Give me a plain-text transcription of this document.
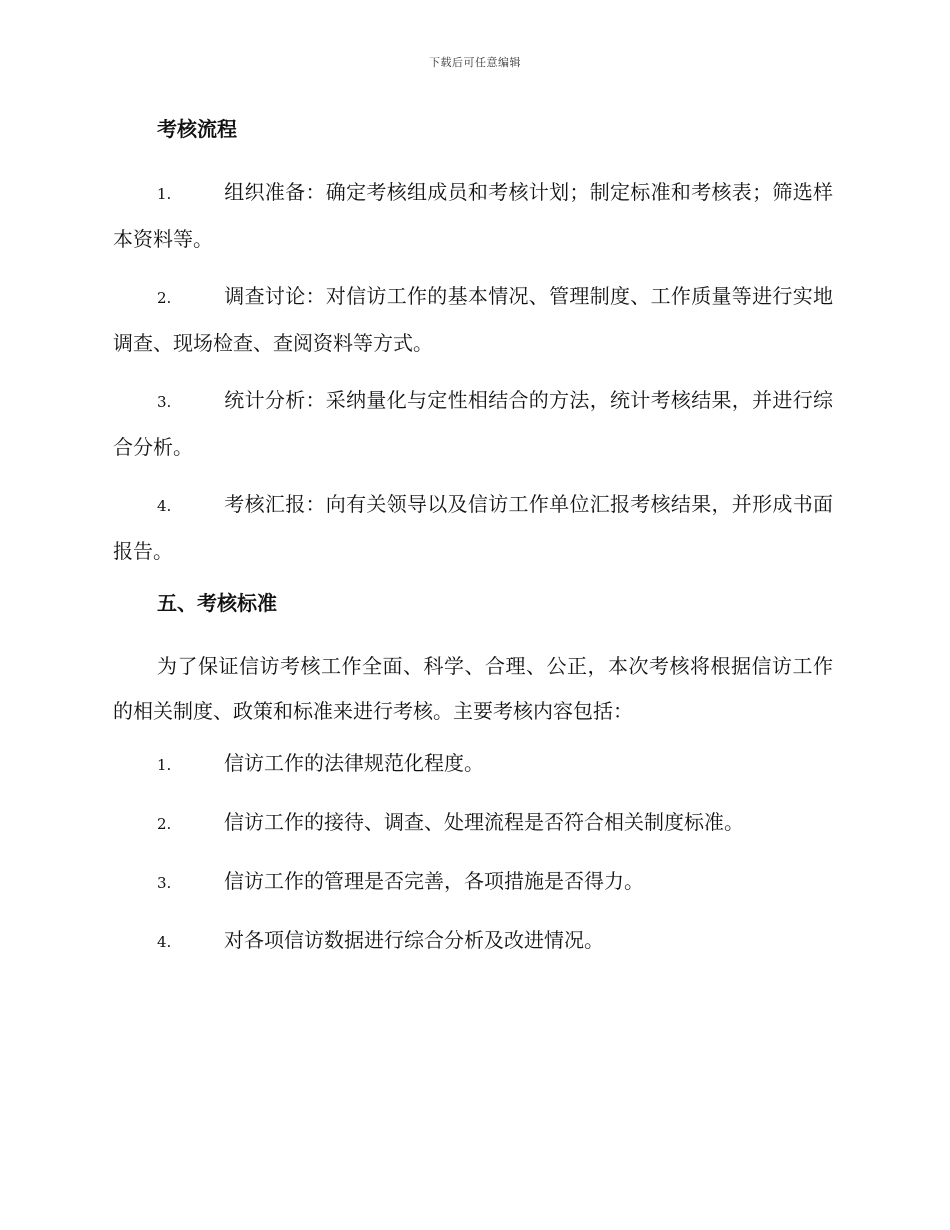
下载后可任意编辑
考核流程
1.	组织准备：确定考核组成员和考核计划；制定标准和考核表；筛选样本资料等。
2.	调查讨论：对信访工作的基本情况、管理制度、工作质量等进行实地调查、现场检查、查阅资料等方式。
3.	统计分析：采纳量化与定性相结合的方法，统计考核结果，并进行综合分析。
4.	考核汇报：向有关领导以及信访工作单位汇报考核结果，并形成书面报告。
五、考核标准
为了保证信访考核工作全面、科学、合理、公正，本次考核将根据信访工作的相关制度、政策和标准来进行考核。主要考核内容包括：
1.	信访工作的法律规范化程度。
2.	信访工作的接待、调查、处理流程是否符合相关制度标准。
3.	信访工作的管理是否完善，各项措施是否得力。
4.	对各项信访数据进行综合分析及改进情况。
